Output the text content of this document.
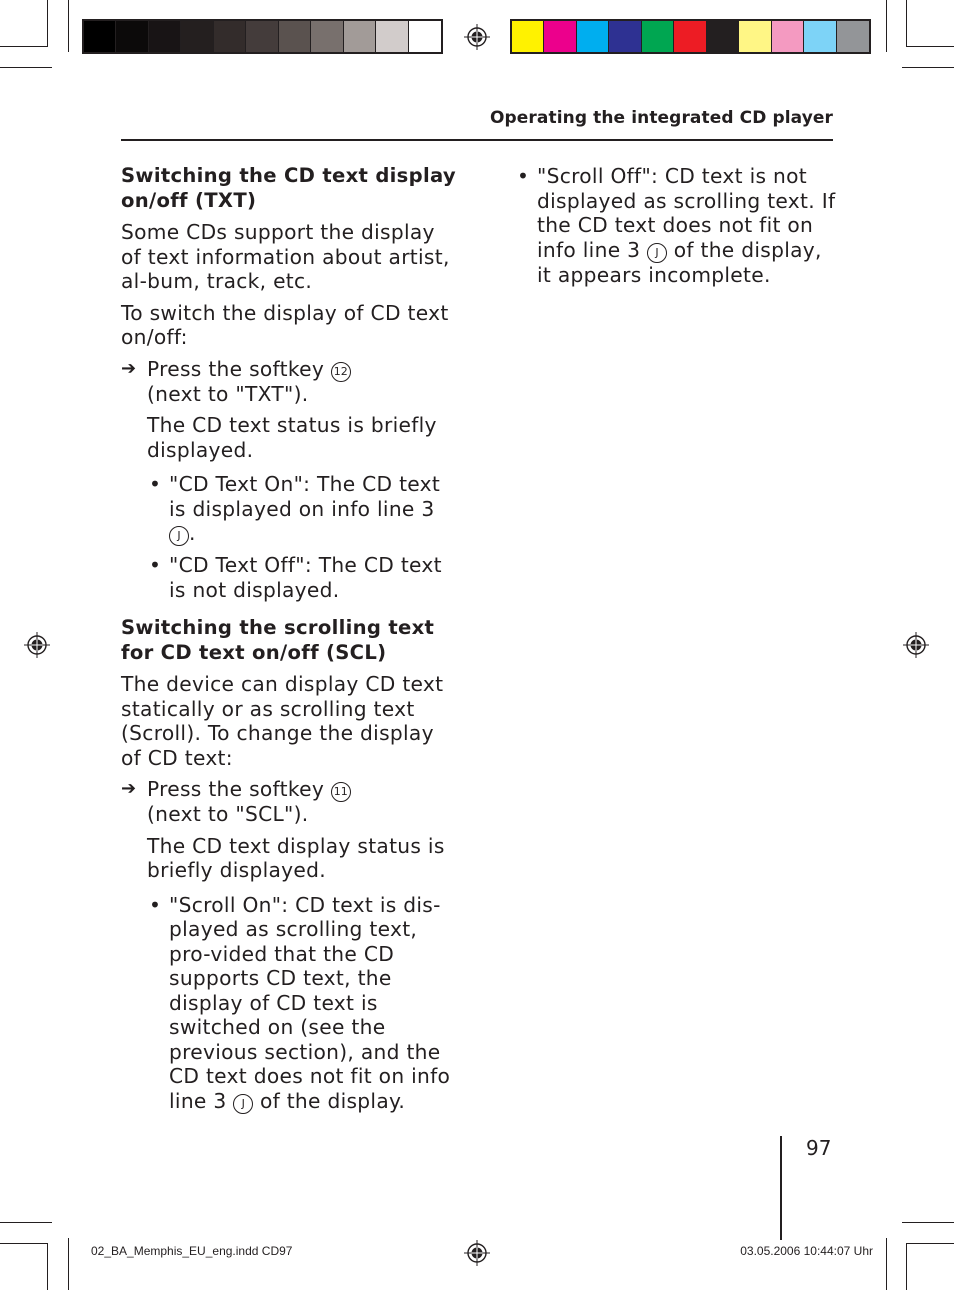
Operating the integrated CD player

Switching the CD text display on/off (TXT)

Some CDs support the display of text information about artist, al-bum, track, etc.

To switch the display of CD text on/off:

➔ Press the softkey 12
(next to "TXT").

The CD text status is briefly displayed.

• "CD Text On": The CD text is displayed on info line 3 J .
• "CD Text Off": The CD text is not displayed.

Switching the scrolling text for CD text on/off (SCL)

The device can display CD text statically or as scrolling text (Scroll). To change the display of CD text:

➔ Press the softkey 11
(next to "SCL").

The CD text display status is briefly displayed.

• "Scroll On": CD text is dis-played as scrolling text, pro-vided that the CD supports CD text, the display of CD text is switched on (see the previous section), and the CD text does not fit on info line 3 J of the display.
• "Scroll Off": CD text is not displayed as scrolling text. If the CD text does not fit on info line 3 J of the display, it appears incomplete.
97
02_BA_Memphis_EU_eng.indd CD97	03.05.2006 10:44:07 Uhr
